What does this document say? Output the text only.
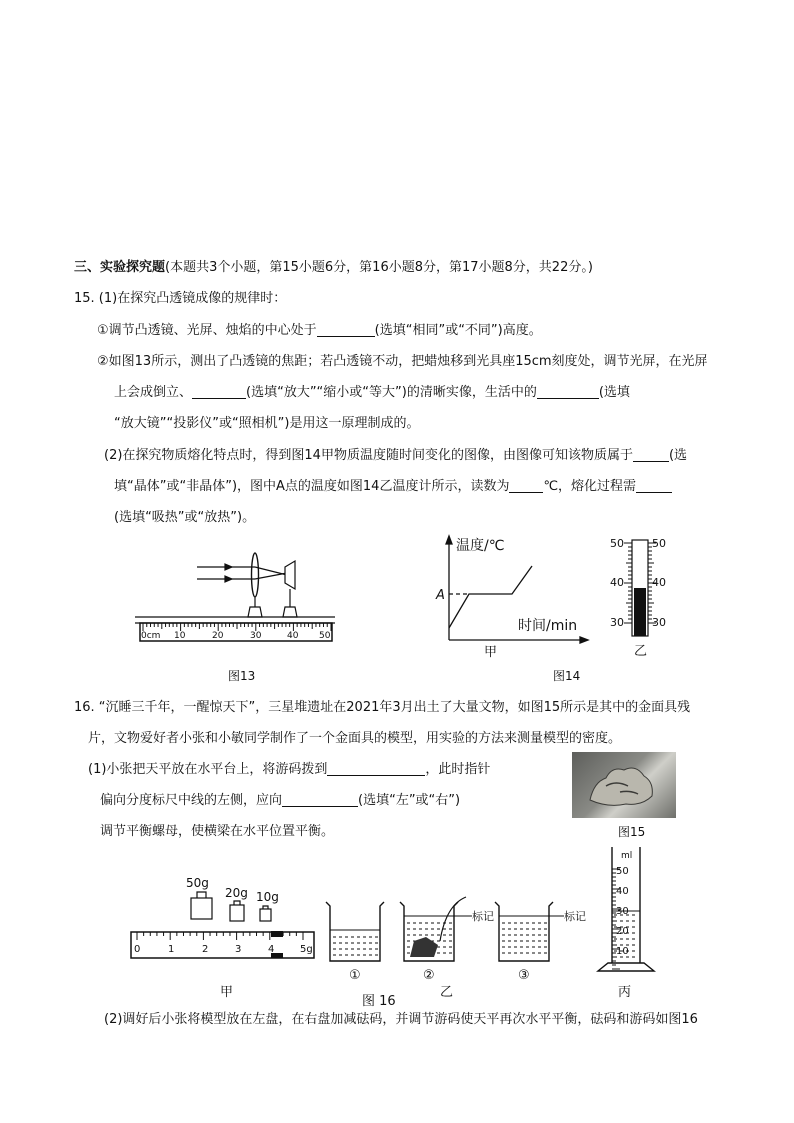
三、实验探究题(本题共3个小题，第15小题6分，第16小题8分，第17小题8分，共22分。)
15. (1)在探究凸透镜成像的规律时：
①调节凸透镜、光屏、烛焰的中心处于	(选填“相同”或“不同”)高度。
②如图13所示，测出了凸透镜的焦距；若凸透镜不动，把蜡烛移到光具座15cm刻度处，调节光屏，在光屏
上会成倒立、	(选填“放大”“缩小或“等大”)的清晰实像，生活中的	(选填
“放大镜”“投影仪”或“照相机”)是用这一原理制成的。
(2)在探究物质熔化特点时，得到图14甲物质温度随时间变化的图像，由图像可知该物质属于	(选
填“晶体”或“非晶体”)，图中A点的温度如图14乙温度计所示，读数为	℃，熔化过程需
(选填“吸热”或“放热”)。
0cm 10	20	30	40 50
图13
温度/℃
时间/min
A
甲
50	50
40	40
30	30
乙
图14
16. “沉睡三千年，一醒惊天下”，三星堆遗址在2021年3月出土了大量文物，如图15所示是其中的金面具残
片，文物爱好者小张和小敏同学制作了一个金面具的模型，用实验的方法来测量模型的密度。
(1)小张把天平放在水平台上，将游码拨到	，此时指针
偏向分度标尺中线的左侧，应向	(选填“左”或“右”)
调节平衡螺母，使横梁在水平位置平衡。	图15
50g
20g 10g
0	1	2	3	4	5g
甲
①
标记
②
标记
③
图 16
乙
ml
50
40
30
20
10
丙
(2)调好后小张将模型放在左盘，在右盘加减砝码，并调节游码使天平再次水平平衡，砝码和游码如图16
